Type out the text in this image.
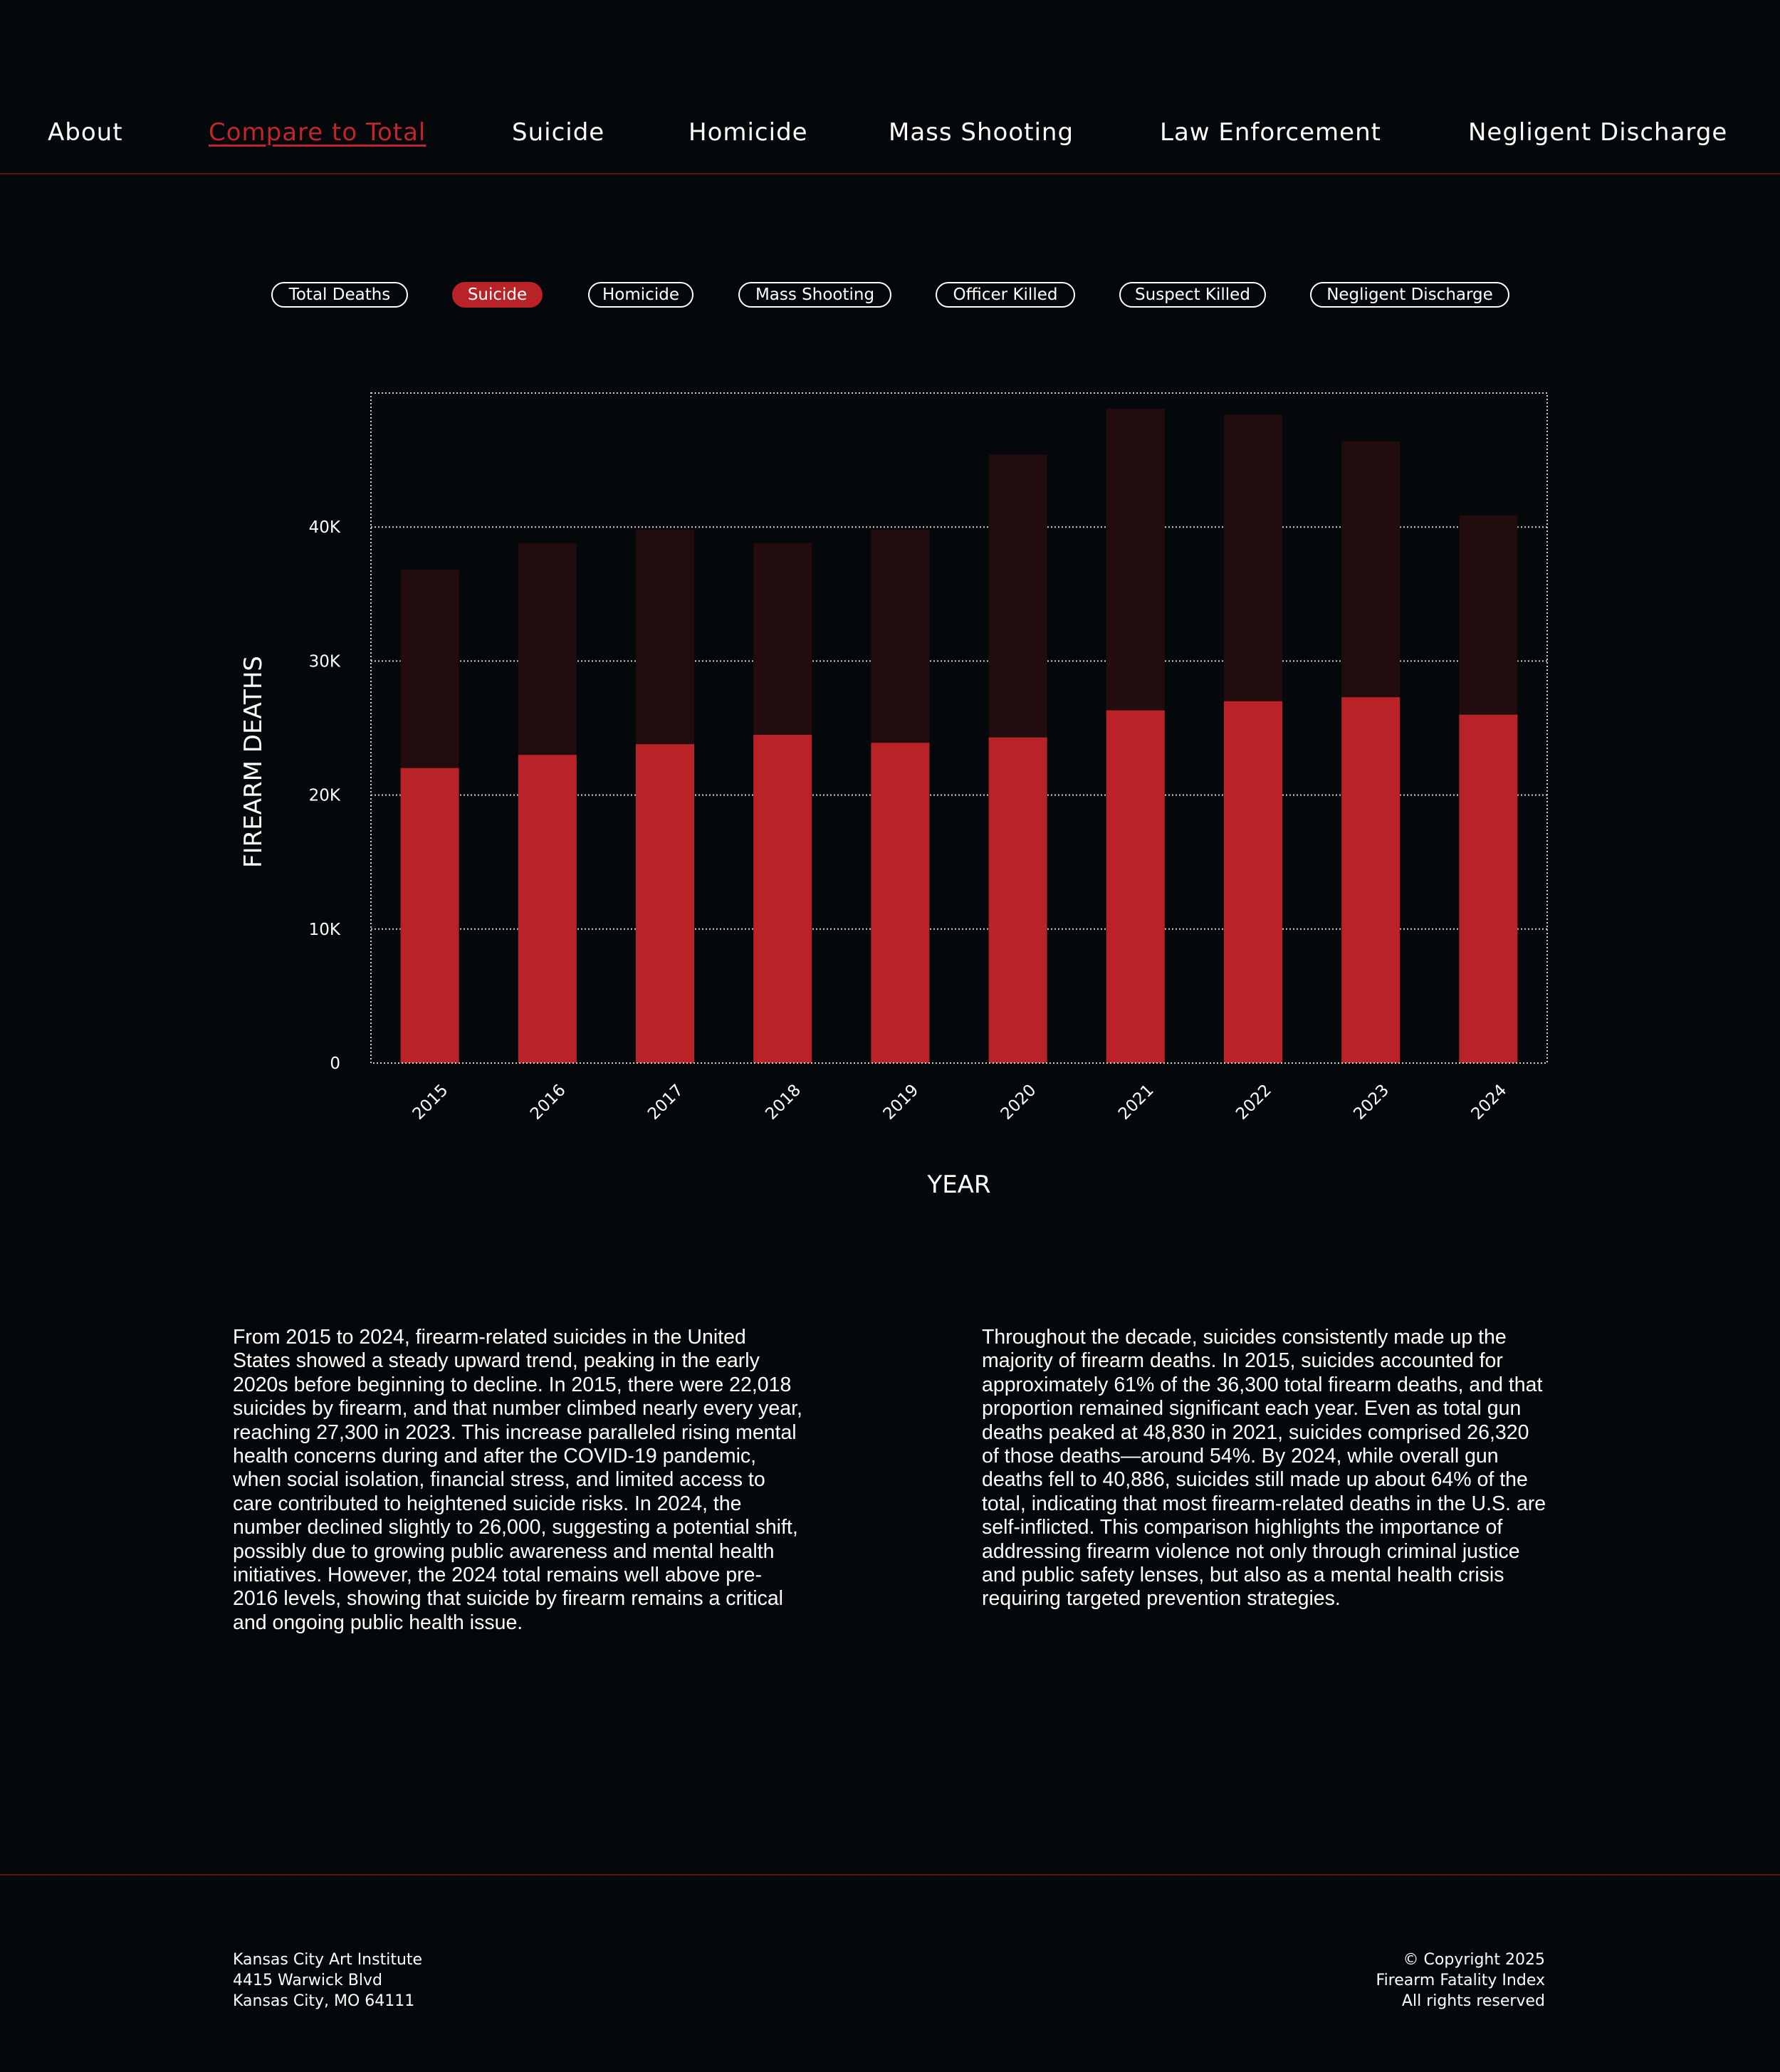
About	Compare to Total	Suicide	Homicide	Mass Shooting	Law Enforcement	Negligent Discharge
Total Deaths	Suicide	Homicide	Mass Shooting	Officer Killed	Suspect Killed	Negligent Discharge
0
10K
20K
30K
40K
2015	2016	2017	2018	2019	2020	2021	2022	2023	2024
FIREARM DEATHS
YEAR
From 2015 to 2024, firearm-related suicides in the United States showed a steady upward trend, peaking in the early 2020s before beginning to decline. In 2015, there were 22,018 suicides by firearm, and that number climbed nearly every year, reaching 27,300 in 2023. This increase paralleled rising mental health concerns during and after the COVID-19 pandemic, when social isolation, financial stress, and limited access to care contributed to heightened suicide risks. In 2024, the number declined slightly to 26,000, suggesting a potential shift, possibly due to growing public awareness and mental health initiatives. However, the 2024 total remains well above pre-2016 levels, showing that suicide by firearm remains a critical and ongoing public health issue.
Throughout the decade, suicides consistently made up the majority of firearm deaths. In 2015, suicides accounted for approximately 61% of the 36,300 total firearm deaths, and that proportion remained significant each year. Even as total gun deaths peaked at 48,830 in 2021, suicides comprised 26,320 of those deaths—around 54%. By 2024, while overall gun deaths fell to 40,886, suicides still made up about 64% of the total, indicating that most firearm-related deaths in the U.S. are self-inflicted. This comparison highlights the importance of addressing firearm violence not only through criminal justice and public safety lenses, but also as a mental health crisis requiring targeted prevention strategies.
Kansas City Art Institute
4415 Warwick Blvd
Kansas City, MO 64111
© Copyright 2025
Firearm Fatality Index
All rights reserved
